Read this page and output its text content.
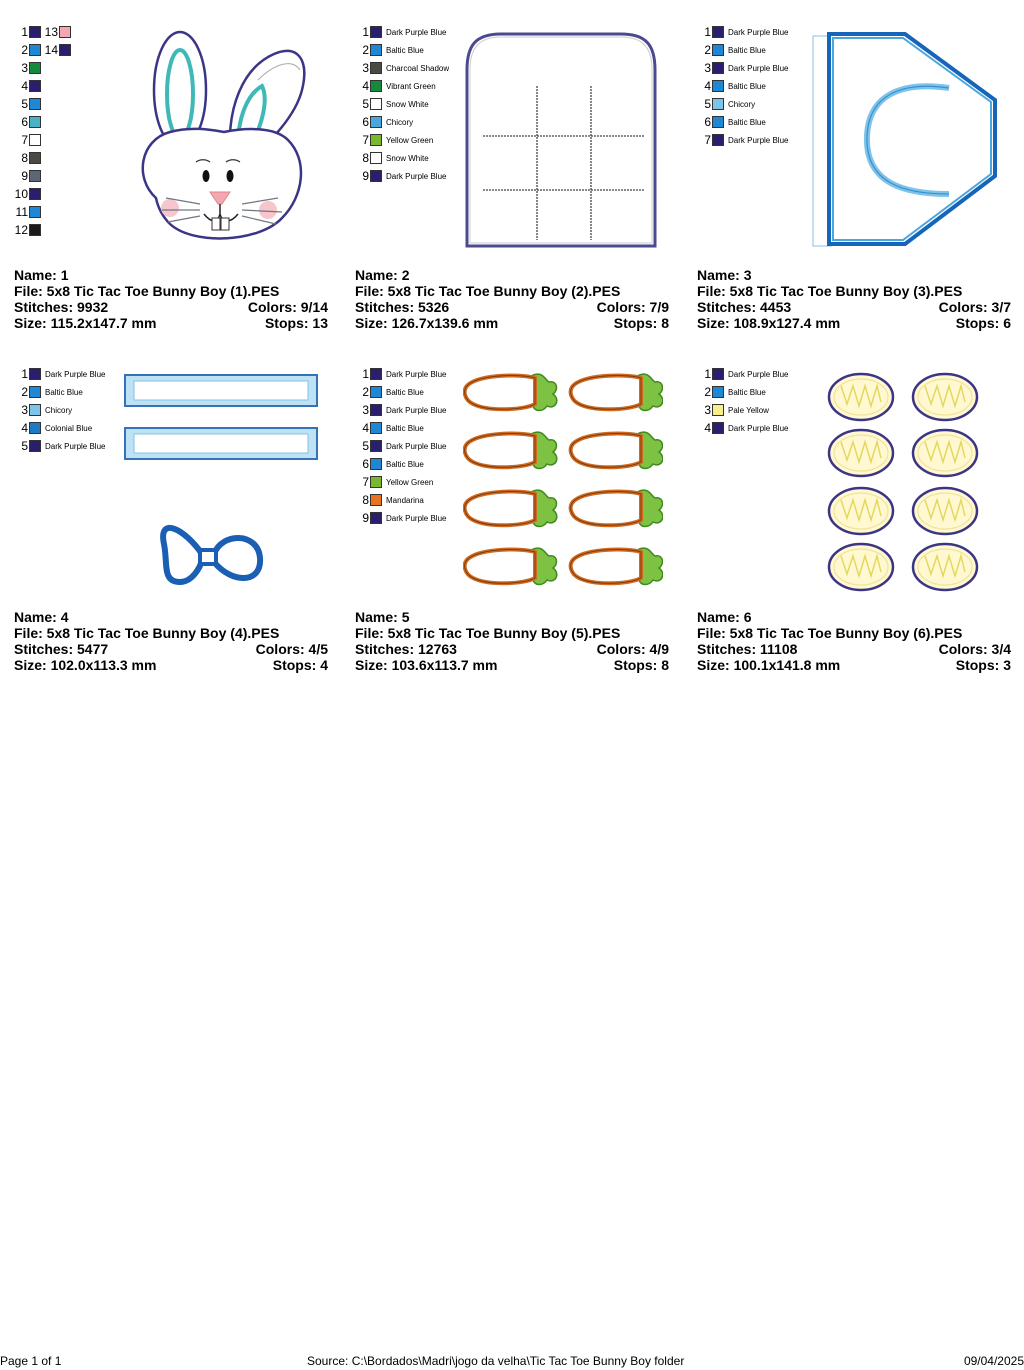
1
2
3
4
5
6
7
8
9
10
11
12
13
14
Name: 1
File: 5x8 Tic Tac Toe Bunny Boy (1).PES
Stitches: 9932	Colors: 9/14
Size: 115.2x147.7 mm	Stops: 13
1 Dark Purple Blue
2 Baltic Blue
3 Charcoal Shadow
4 Vibrant Green
5 Snow White
6 Chicory
7 Yellow Green
8 Snow White
9 Dark Purple Blue
Name: 2
File: 5x8 Tic Tac Toe Bunny Boy (2).PES
Stitches: 5326	Colors: 7/9
Size: 126.7x139.6 mm	Stops: 8
1 Dark Purple Blue
2 Baltic Blue
3 Dark Purple Blue
4 Baltic Blue
5 Chicory
6 Baltic Blue
7 Dark Purple Blue
Name: 3
File: 5x8 Tic Tac Toe Bunny Boy (3).PES
Stitches: 4453	Colors: 3/7
Size: 108.9x127.4 mm	Stops: 6
1 Dark Purple Blue
2 Baltic Blue
3 Chicory
4 Colonial Blue
5 Dark Purple Blue
Name: 4
File: 5x8 Tic Tac Toe Bunny Boy (4).PES
Stitches: 5477	Colors: 4/5
Size: 102.0x113.3 mm	Stops: 4
1 Dark Purple Blue
2 Baltic Blue
3 Dark Purple Blue
4 Baltic Blue
5 Dark Purple Blue
6 Baltic Blue
7 Yellow Green
8 Mandarina
9 Dark Purple Blue
Name: 5
File: 5x8 Tic Tac Toe Bunny Boy (5).PES
Stitches: 12763	Colors: 4/9
Size: 103.6x113.7 mm	Stops: 8
1 Dark Purple Blue
2 Baltic Blue
3 Pale Yellow
4 Dark Purple Blue
Name: 6
File: 5x8 Tic Tac Toe Bunny Boy (6).PES
Stitches: 11108	Colors: 3/4
Size: 100.1x141.8 mm	Stops: 3
Page 1 of 1	Source: C:\Bordados\Madri\jogo da velha\Tic Tac Toe Bunny Boy folder	09/04/2025
